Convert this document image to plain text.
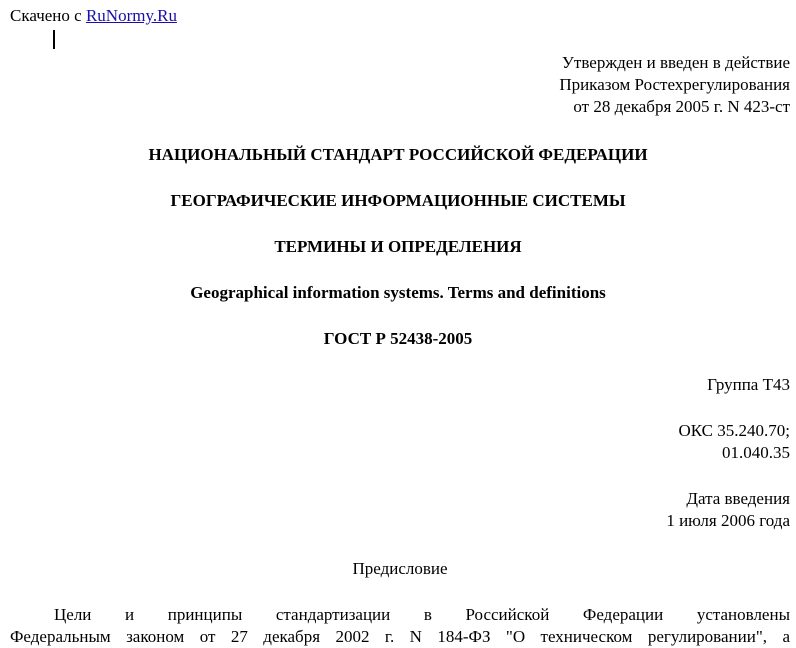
Скачено с RuNormy.Ru
Утвержден и введен в действие
Приказом Ростехрегулирования
от 28 декабря 2005 г. N 423-ст
НАЦИОНАЛЬНЫЙ СТАНДАРТ РОССИЙСКОЙ ФЕДЕРАЦИИ
ГЕОГРАФИЧЕСКИЕ ИНФОРМАЦИОННЫЕ СИСТЕМЫ
ТЕРМИНЫ И ОПРЕДЕЛЕНИЯ
Geographical information systems. Terms and definitions
ГОСТ Р 52438-2005
Группа Т43
ОКС 35.240.70;
01.040.35
Дата введения
1 июля 2006 года
Предисловие
Цели и принципы стандартизации в Российской Федерации установлены
Федеральным законом от 27 декабря 2002 г. N 184-ФЗ "О техническом регулировании", а
